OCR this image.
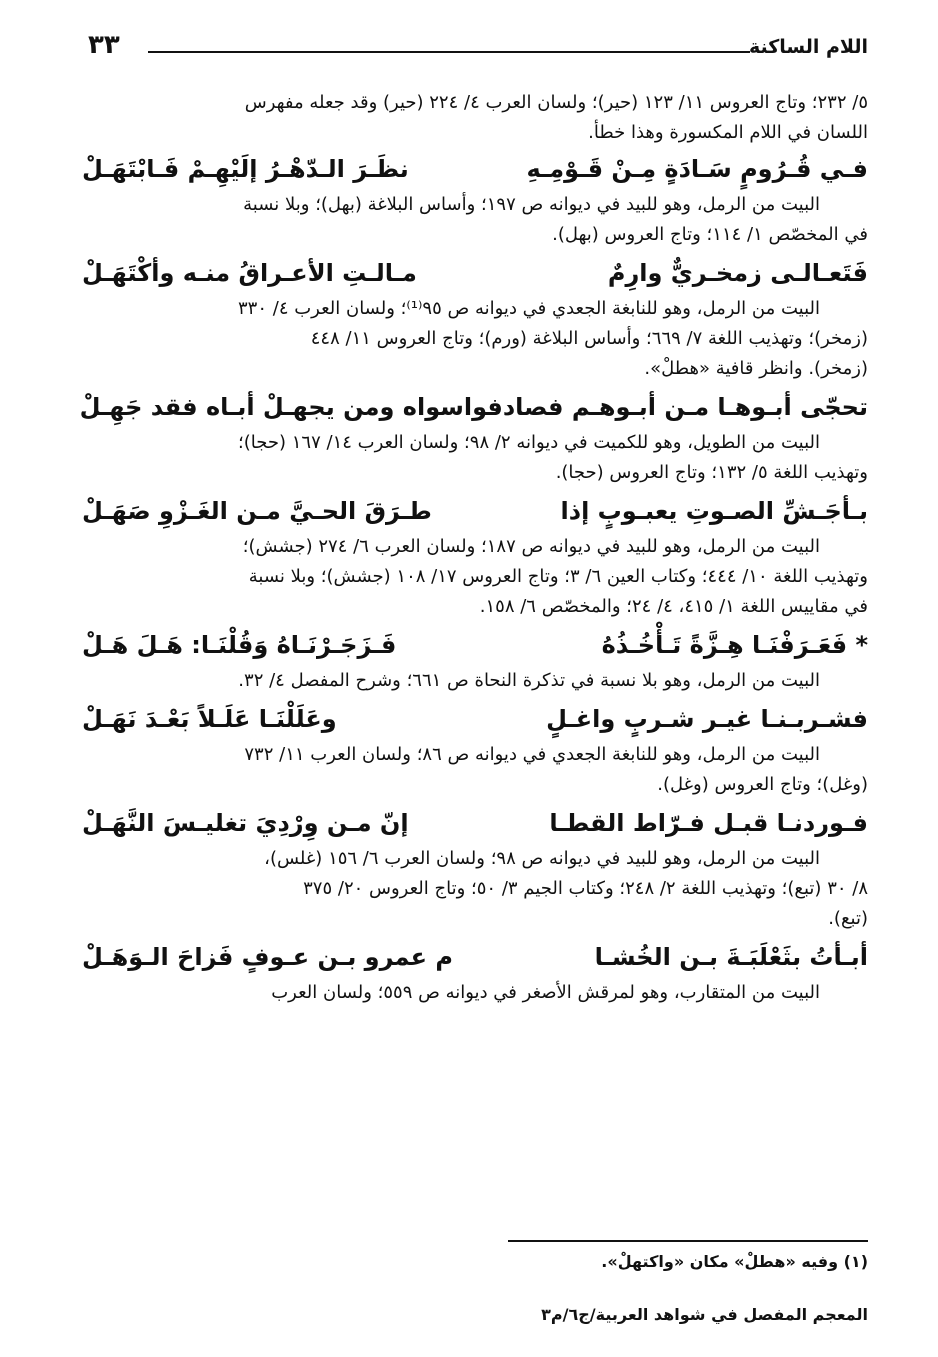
اللام الساكنة
٣٣

٥/ ٢٣٢؛ وتاج العروس ١١/ ١٢٣ (حير)؛ ولسان العرب ٤/ ٢٢٤ (حير) وقد جعله مفهرس

اللسان في اللام المكسورة وهذا خطأ.

فـي قُـرُومٍ سَـادَةٍ مِـنْ قَـوْمِـهِ
نظَـرَ الـدّهْـرُ إلَيْهِـمْ فَـابْتَهَـلْ

البيت من الرمل، وهو للبيد في ديوانه ص ١٩٧؛ وأساس البلاغة (بهل)؛ وبلا نسبة

في المخصّص ١/ ١١٤؛ وتاج العروس (بهل).

فَتَعـالـى زمخـريٌّ وارِمٌ
مـالـتِ الأعـراقُ منـه وأكْتَهَـلْ

البيت من الرمل، وهو للنابغة الجعدي في ديوانه ص ٩٥⁽¹⁾؛ ولسان العرب ٤/ ٣٣٠

(زمخر)؛ وتهذيب اللغة ٧/ ٦٦٩؛ وأساس البلاغة (ورم)؛ وتاج العروس ١١/ ٤٤٨

(زمخر). وانظر قافية «هطلْ».

تحجّى أبـوهـا مـن أبـوهـم فصادفوا
سواه ومن يجهـلْ أبـاه فقد جَهِـلْ

البيت من الطويل، وهو للكميت في ديوانه ٢/ ٩٨؛ ولسان العرب ١٤/ ١٦٧ (حجا)؛

وتهذيب اللغة ٥/ ١٣٢؛ وتاج العروس (حجا).

بـأجَـشِّ الصـوتِ يعبـوبٍ إذا
طـرَقَ الحـيَّ مـن الغَـزْوِ صَهَـلْ

البيت من الرمل، وهو للبيد في ديوانه ص ١٨٧؛ ولسان العرب ٦/ ٢٧٤ (جشش)؛

وتهذيب اللغة ١٠/ ٤٤٤؛ وكتاب العين ٦/ ٣؛ وتاج العروس ١٧/ ١٠٨ (جشش)؛ وبلا نسبة

في مقاييس اللغة ١/ ٤١٥، ٤/ ٢٤؛ والمخصّص ٦/ ١٥٨.

* فَعَـرَفْنَـا هِـزَّةً تَـأْخُـذُهُ
فَـزَجَـرْنَـاهُ وَقُلْنَـا: هَـلَ هَـلْ

البيت من الرمل، وهو بلا نسبة في تذكرة النحاة ص ٦٦١؛ وشرح المفصل ٤/ ٣٢.

فشـربـنـا غيـر شـربٍ واغـلٍ
وعَلَلْنَـا عَلَـلاً بَعْـدَ نَهَـلْ

البيت من الرمل، وهو للنابغة الجعدي في ديوانه ص ٨٦؛ ولسان العرب ١١/ ٧٣٢

(وغل)؛ وتاج العروس (وغل).

فـوردنـا قبـل فـرّاط القطـا
إنّ مـن وِرْدِيَ تغليـسَ النَّهَـلْ

البيت من الرمل، وهو للبيد في ديوانه ص ٩٨؛ ولسان العرب ٦/ ١٥٦ (غلس)،

٨/ ٣٠ (تبع)؛ وتهذيب اللغة ٢/ ٢٤٨؛ وكتاب الجيم ٣/ ٥٠؛ وتاج العروس ٢٠/ ٣٧٥

(تبع).

أبـأتُ بثَعْلَبَـةَ بـن الخُشـا
م عمرو بـن عـوفٍ فَزاحَ الـوَهَـلْ

البيت من المتقارب، وهو لمرقش الأصغر في ديوانه ص ٥٥٩؛ ولسان العرب

(١) وفيه «هطلْ» مكان «واكتهلْ».
المعجم المفصل في شواهد العربية/ج٦/م٣
